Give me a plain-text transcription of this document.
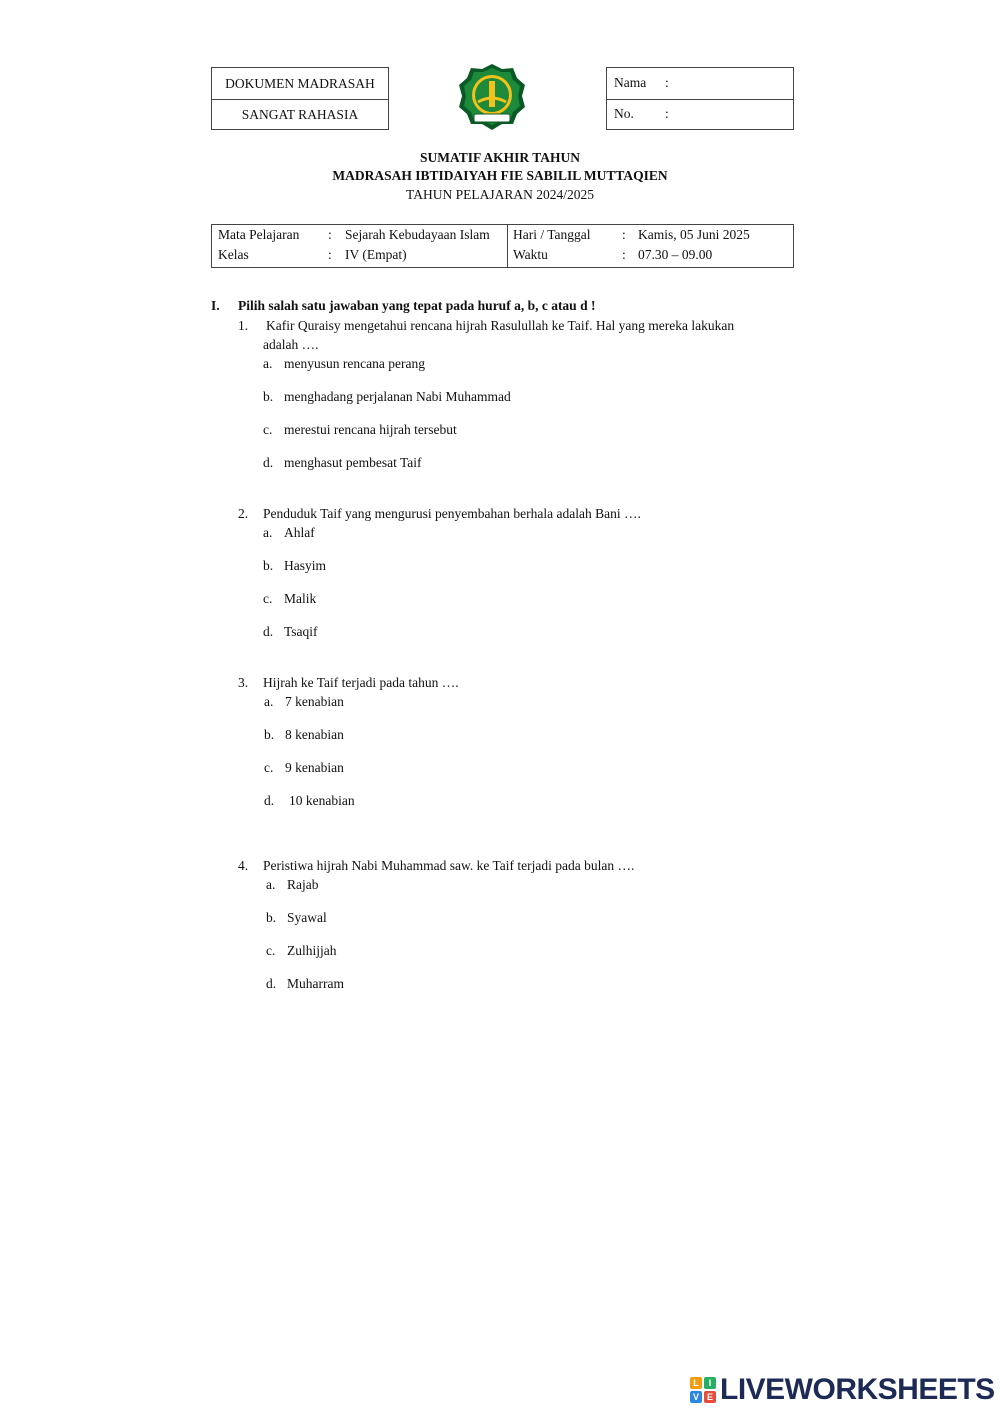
DOKUMEN MADRASAH
SANGAT RAHASIA
Nama :
No. :
SUMATIF AKHIR TAHUN
MADRASAH IBTIDAIYAH FIE SABILIL MUTTAQIEN
TAHUN PELAJARAN 2024/2025
Mata Pelajaran : Sejarah Kebudayaan Islam Hari / Tanggal : Kamis, 05 Juni 2025
Kelas	: IV (Empat)	Waktu	: 07.30 – 09.00
I. Pilih salah satu jawaban yang tepat pada huruf a, b, c atau d !
1. Kafir Quraisy mengetahui rencana hijrah Rasulullah ke Taif. Hal yang mereka lakukan
adalah ….
a. menyusun rencana perang
b. menghadang perjalanan Nabi Muhammad
c. merestui rencana hijrah tersebut
d. menghasut pembesat Taif
2. Penduduk Taif yang mengurusi penyembahan berhala adalah Bani ….
a. Ahlaf
b. Hasyim
c. Malik
d. Tsaqif
3. Hijrah ke Taif terjadi pada tahun ….
a. 7 kenabian
b. 8 kenabian
c. 9 kenabian
d. 10 kenabian
4. Peristiwa hijrah Nabi Muhammad saw. ke Taif terjadi pada bulan ….
a. Rajab
b. Syawal
c. Zulhijjah
d. Muharram
L	I
V E LIVEWORKSHEETS
